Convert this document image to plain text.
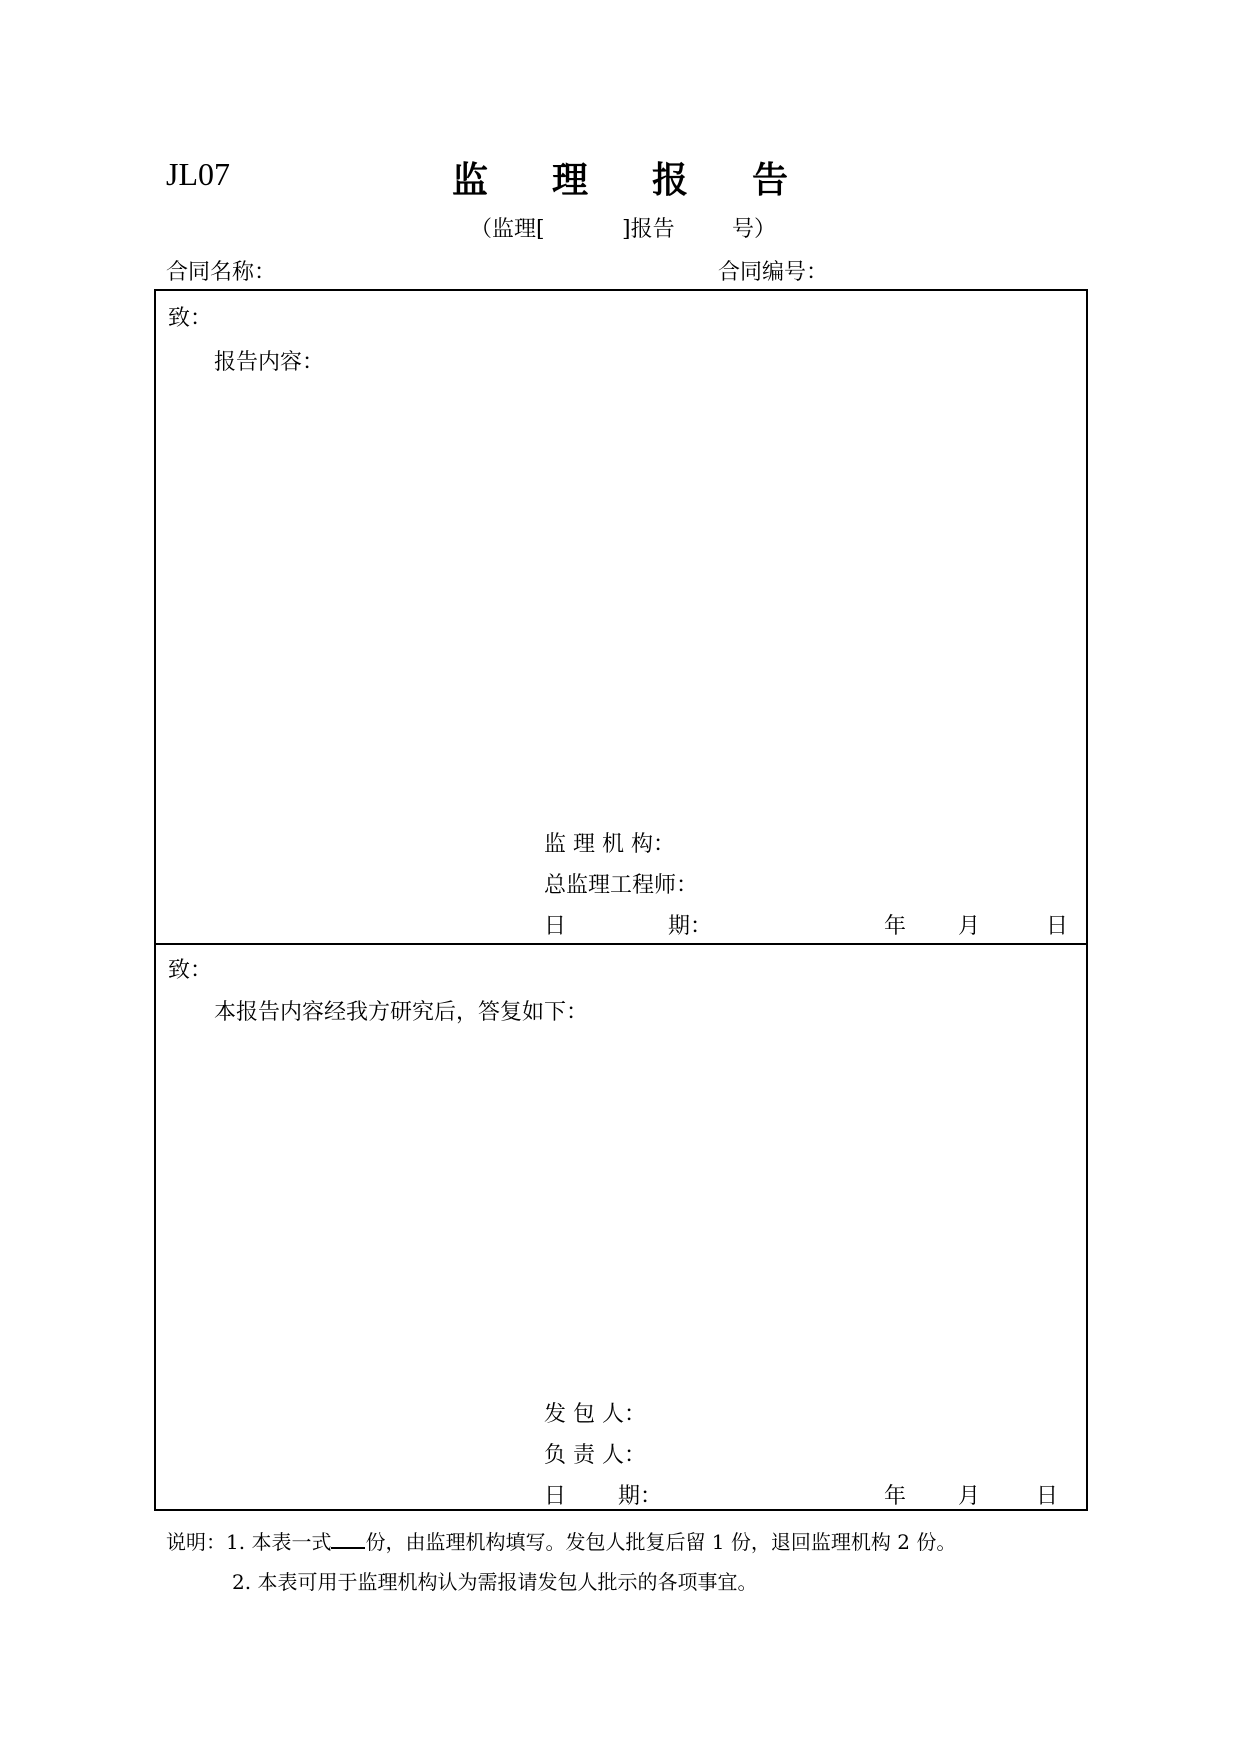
JL07	监 理 报 告
（监理[	]报告	号）
合同名称：	合同编号：
致：
报告内容：
监 理 机 构：
总监理工程师：
日	期：	年 月	日
致：
本报告内容经我方研究后，答复如下：
发 包 人：
负 责 人：
日 期：	年 月	日
说明：1. 本表一式 份，由监理机构填写。发包人批复后留 1 份，退回监理机构 2 份。
2. 本表可用于监理机构认为需报请发包人批示的各项事宜。
